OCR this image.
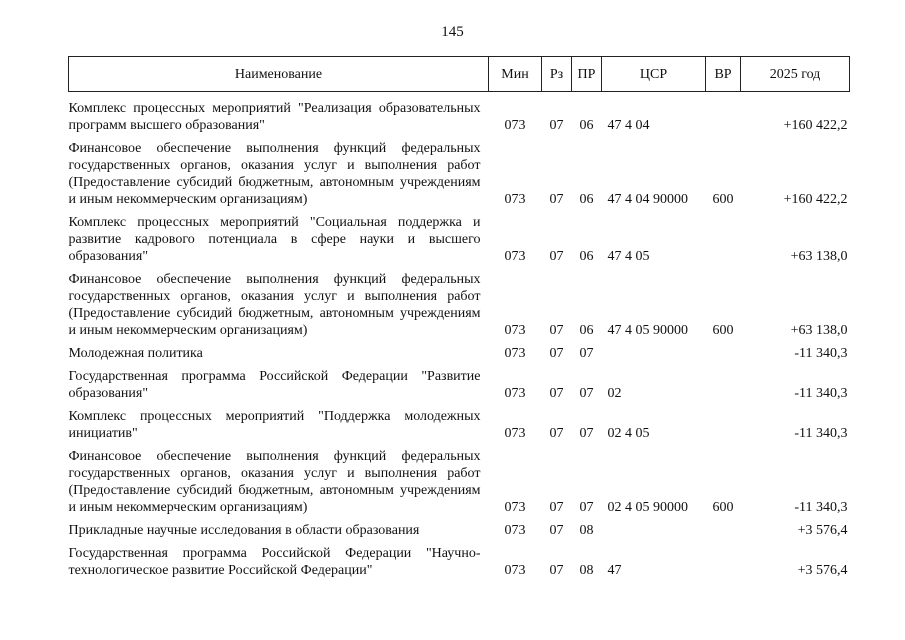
145
Наименование	Мин	Рз	ПР	ЦСР	ВР	2025 год

Комплекс процессных мероприятий "Реализация образовательных программ высшего образования"	073	07	06	47 4 04		+160 422,2
Финансовое обеспечение выполнения функций федеральных государственных органов, оказания услуг и выполнения работ (Предоставление субсидий бюджетным, автономным учреждениям и иным некоммерческим организациям)	073	07	06	47 4 04 90000	600	+160 422,2
Комплекс процессных мероприятий "Социальная поддержка и развитие кадрового потенциала в сфере науки и высшего образования"	073	07	06	47 4 05		+63 138,0
Финансовое обеспечение выполнения функций федеральных государственных органов, оказания услуг и выполнения работ (Предоставление субсидий бюджетным, автономным учреждениям и иным некоммерческим организациям)	073	07	06	47 4 05 90000	600	+63 138,0
Молодежная политика	073	07	07			-11 340,3
Государственная программа Российской Федерации "Развитие образования"	073	07	07	02		-11 340,3
Комплекс процессных мероприятий "Поддержка молодежных инициатив"	073	07	07	02 4 05		-11 340,3
Финансовое обеспечение выполнения функций федеральных государственных органов, оказания услуг и выполнения работ (Предоставление субсидий бюджетным, автономным учреждениям и иным некоммерческим организациям)	073	07	07	02 4 05 90000	600	-11 340,3
Прикладные научные исследования в области образования	073	07	08			+3 576,4
Государственная программа Российской Федерации "Научно-технологическое развитие Российской Федерации"	073	07	08	47		+3 576,4
